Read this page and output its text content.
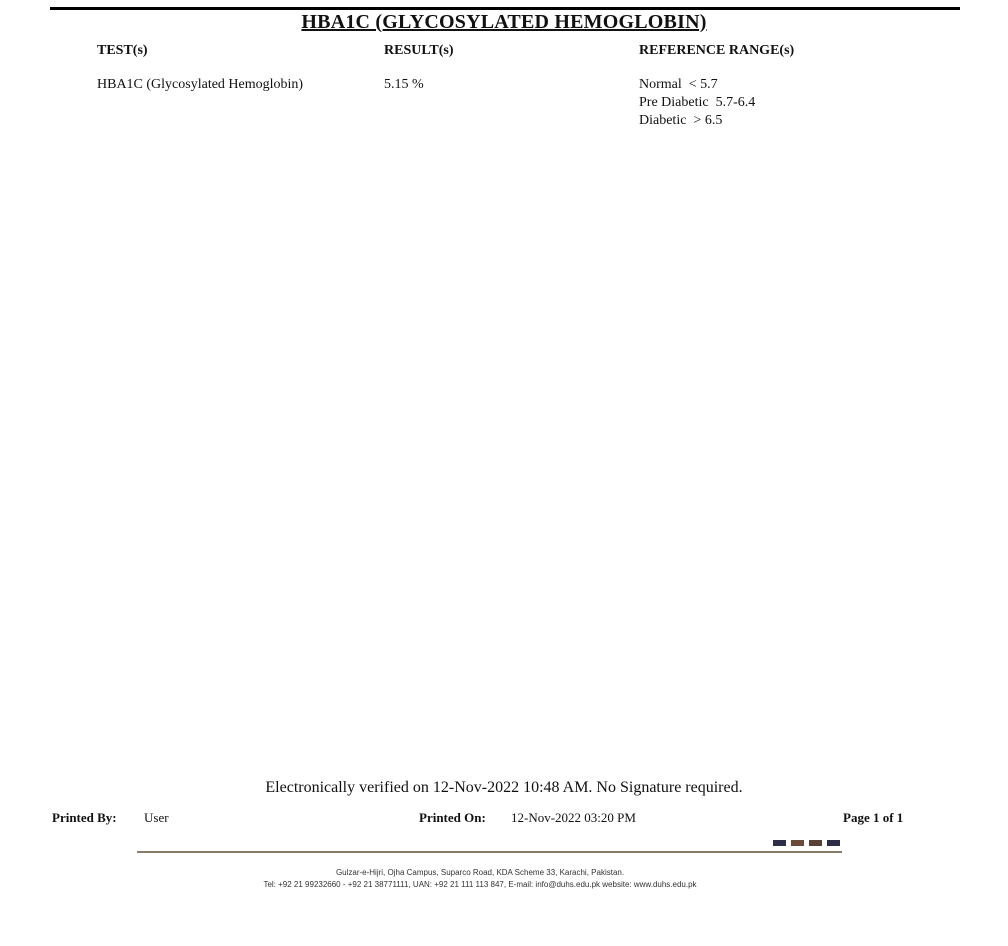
HBA1C (GLYCOSYLATED HEMOGLOBIN)
TEST(s)	RESULT(s)	REFERENCE RANGE(s)
HBA1C (Glycosylated Hemoglobin)	5.15 %	Normal  < 5.7
Pre Diabetic  5.7-6.4
Diabetic  > 6.5
Electronically verified on 12-Nov-2022 10:48 AM. No Signature required.
Printed By: User	Printed On: 12-Nov-2022 03:20 PM	Page 1 of 1
Gulzar-e-Hijri, Ojha Campus, Suparco Road, KDA Scheme 33, Karachi, Pakistan.
Tel: +92 21 99232660 - +92 21 38771111, UAN: +92 21 111 113 847, E-mail: info@duhs.edu.pk website: www.duhs.edu.pk
